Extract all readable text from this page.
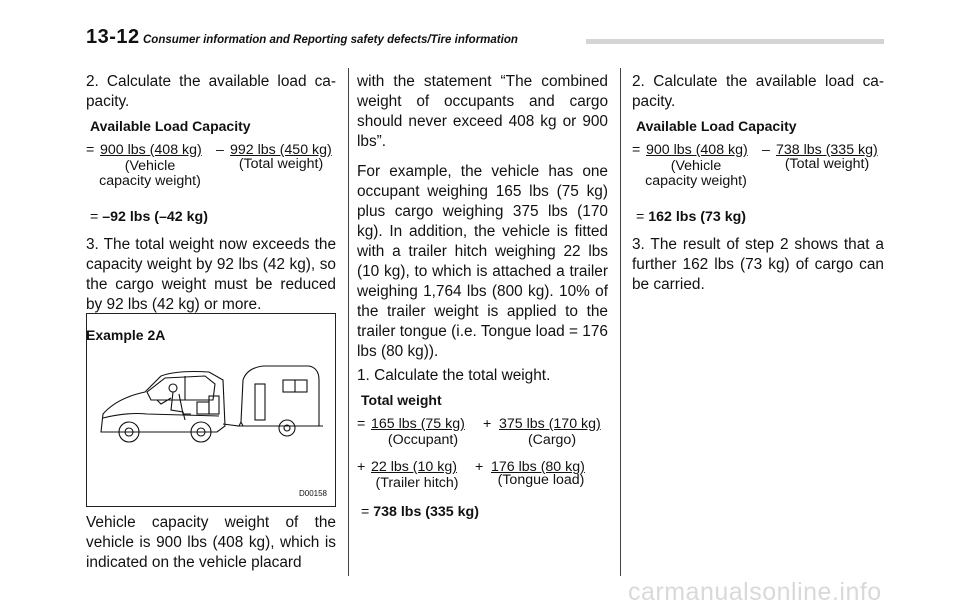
13-12 Consumer information and Reporting safety defects/Tire information

2. Calculate the available load ca-pacity.

Available Load Capacity
= 900 lbs (408 kg) – 992 lbs (450 kg)
(Vehicle
capacity weight)
(Total weight)
= –92 lbs (–42 kg)

3. The total weight now exceeds the capacity weight by 92 lbs (42 kg), so the cargo weight must be reduced by 92 lbs (42 kg) or more.

Example 2A
D00158
Vehicle capacity weight of the vehicle is 900 lbs (408 kg), which is indicated on the vehicle placard

with the statement “The combined weight of occupants and cargo should never exceed 408 kg or 900 lbs”.

For example, the vehicle has one occupant weighing 165 lbs (75 kg) plus cargo weighing 375 lbs (170 kg). In addition, the vehicle is fitted with a trailer hitch weighing 22 lbs (10 kg), to which is attached a trailer weighing 1,764 lbs (800 kg). 10% of the trailer weight is applied to the trailer tongue (i.e. Tongue load = 176 lbs (80 kg)).

1. Calculate the total weight.

Total weight
= 165 lbs (75 kg) + 375 lbs (170 kg)
(Occupant)	(Cargo)
+ 22 lbs (10 kg) + 176 lbs (80 kg)
(Trailer hitch)	(Tongue load)
= 738 lbs (335 kg)

2. Calculate the available load ca-pacity.

Available Load Capacity
= 900 lbs (408 kg) – 738 lbs (335 kg)
(Vehicle
capacity weight)
(Total weight)
= 162 lbs (73 kg)

3. The result of step 2 shows that a further 162 lbs (73 kg) of cargo can be carried.

carmanualsonline.info
